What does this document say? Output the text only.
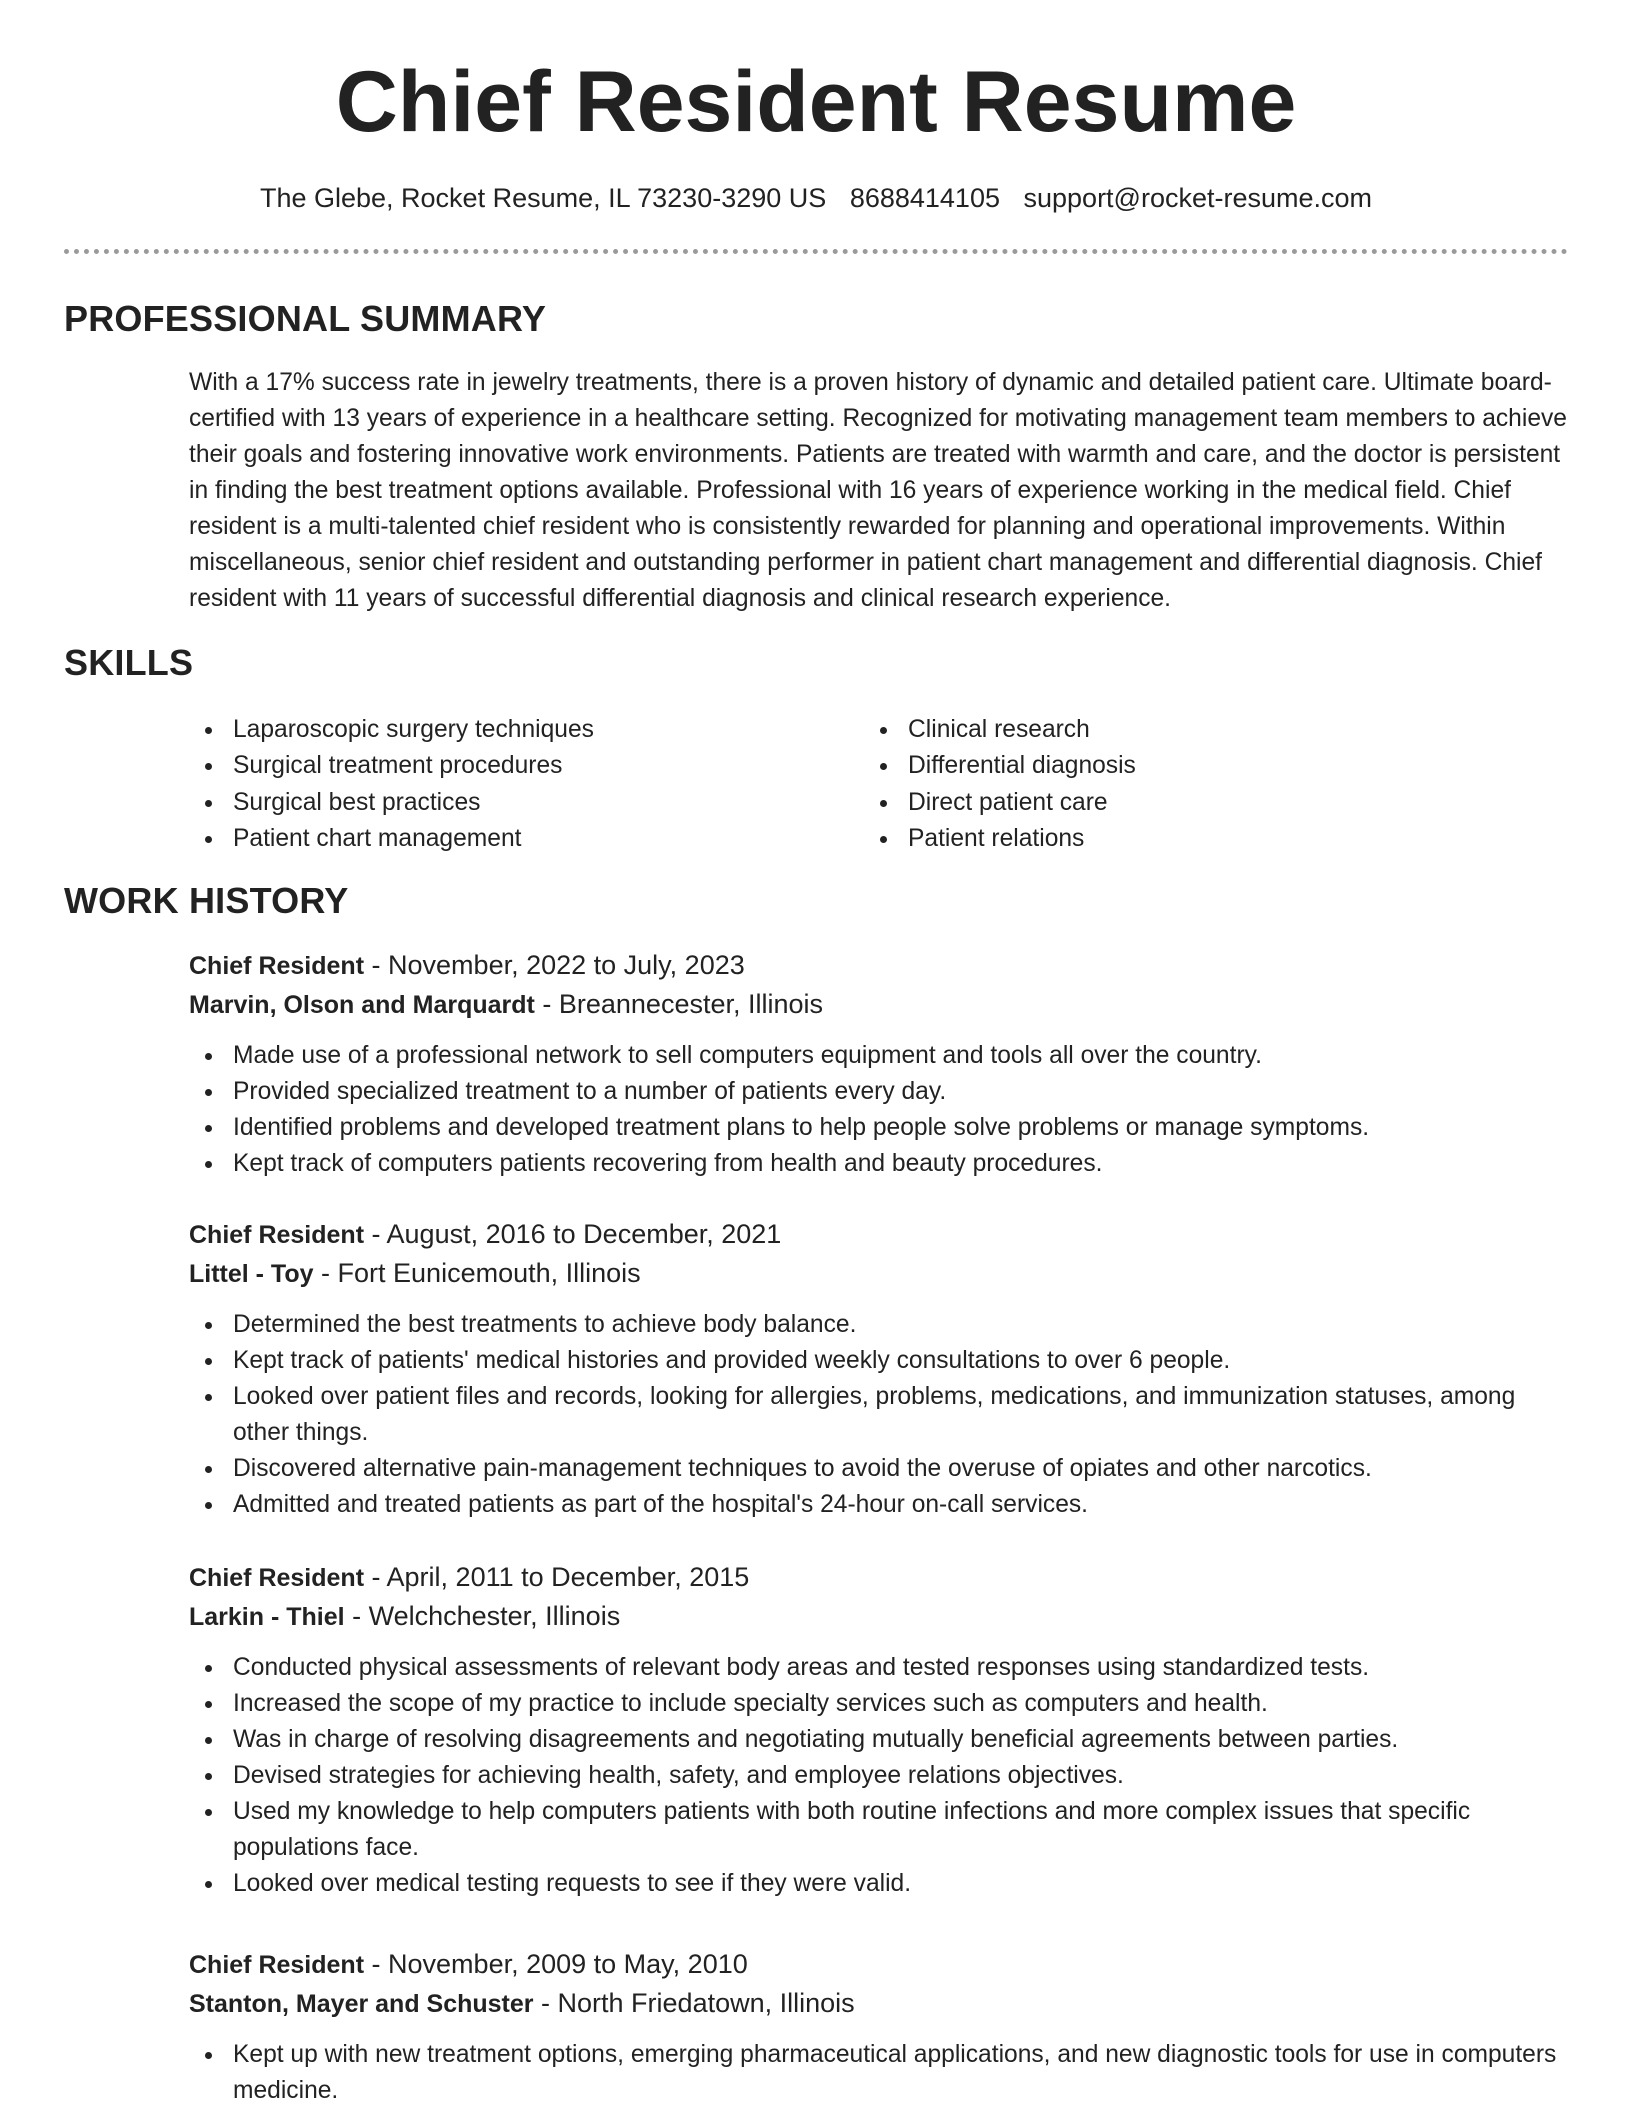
Chief Resident Resume
The Glebe, Rocket Resume, IL 73230-3290 US 8688414105 support@rocket-resume.com
PROFESSIONAL SUMMARY

With a 17% success rate in jewelry treatments, there is a proven history of dynamic and detailed patient care. Ultimate board-certified with 13 years of experience in a healthcare setting. Recognized for motivating management team members to achieve their goals and fostering innovative work environments. Patients are treated with warmth and care, and the doctor is persistent in finding the best treatment options available. Professional with 16 years of experience working in the medical field. Chief resident is a multi-talented chief resident who is consistently rewarded for planning and operational improvements. Within miscellaneous, senior chief resident and outstanding performer in patient chart management and differential diagnosis. Chief resident with 11 years of successful differential diagnosis and clinical research experience.

SKILLS
Laparoscopic surgery techniques
Surgical treatment procedures
Surgical best practices
Patient chart management
Clinical research
Differential diagnosis
Direct patient care
Patient relations
WORK HISTORY

Chief Resident - November, 2022 to July, 2023

Marvin, Olson and Marquardt - Breannecester, Illinois

Made use of a professional network to sell computers equipment and tools all over the country.
Provided specialized treatment to a number of patients every day.
Identified problems and developed treatment plans to help people solve problems or manage symptoms.
Kept track of computers patients recovering from health and beauty procedures.

Chief Resident - August, 2016 to December, 2021

Littel - Toy - Fort Eunicemouth, Illinois

Determined the best treatments to achieve body balance.
Kept track of patients' medical histories and provided weekly consultations to over 6 people.
Looked over patient files and records, looking for allergies, problems, medications, and immunization statuses, among other things.
Discovered alternative pain-management techniques to avoid the overuse of opiates and other narcotics.
Admitted and treated patients as part of the hospital's 24-hour on-call services.

Chief Resident - April, 2011 to December, 2015

Larkin - Thiel - Welchchester, Illinois

Conducted physical assessments of relevant body areas and tested responses using standardized tests.
Increased the scope of my practice to include specialty services such as computers and health.
Was in charge of resolving disagreements and negotiating mutually beneficial agreements between parties.
Devised strategies for achieving health, safety, and employee relations objectives.
Used my knowledge to help computers patients with both routine infections and more complex issues that specific populations face.
Looked over medical testing requests to see if they were valid.

Chief Resident - November, 2009 to May, 2010

Stanton, Mayer and Schuster - North Friedatown, Illinois

Kept up with new treatment options, emerging pharmaceutical applications, and new diagnostic tools for use in computers medicine.
